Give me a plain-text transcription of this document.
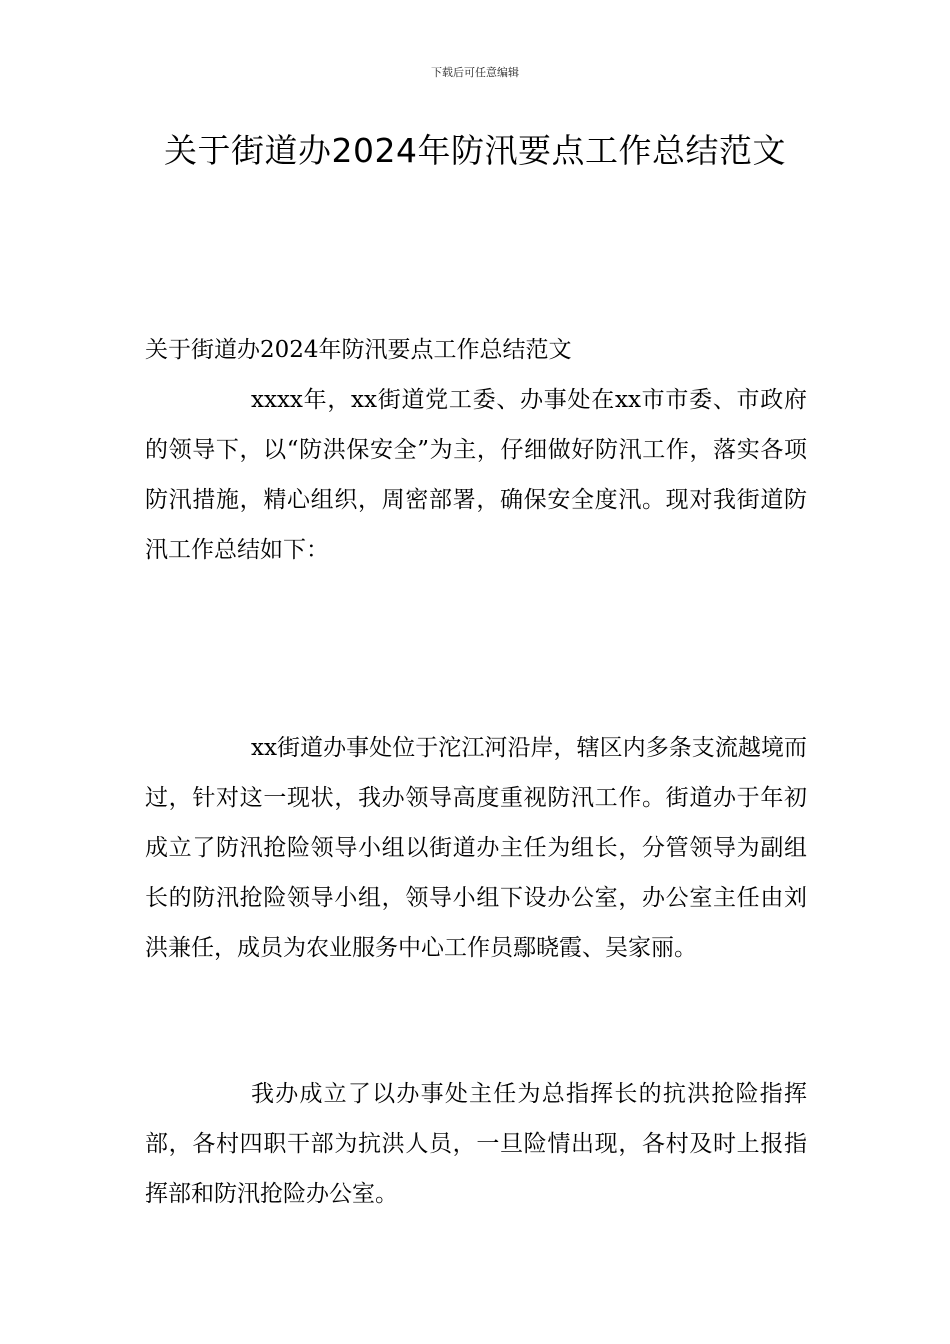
下载后可任意编辑
关于街道办2024年防汛要点工作总结范文

关于街道办2024年防汛要点工作总结范文

xxxx年，xx街道党工委、办事处在xx市市委、市政府的领导下，以“防洪保安全”为主，仔细做好防汛工作，落实各项防汛措施，精心组织，周密部署，确保安全度汛。现对我街道防汛工作总结如下：

xx街道办事处位于沱江河沿岸，辖区内多条支流越境而过，针对这一现状，我办领导高度重视防汛工作。街道办于年初成立了防汛抢险领导小组以街道办主任为组长，分管领导为副组长的防汛抢险领导小组，领导小组下设办公室，办公室主任由刘洪兼任，成员为农业服务中心工作员鄢晓霞、吴家丽。

我办成立了以办事处主任为总指挥长的抗洪抢险指挥部，各村四职干部为抗洪人员，一旦险情出现，各村及时上报指挥部和防汛抢险办公室。
